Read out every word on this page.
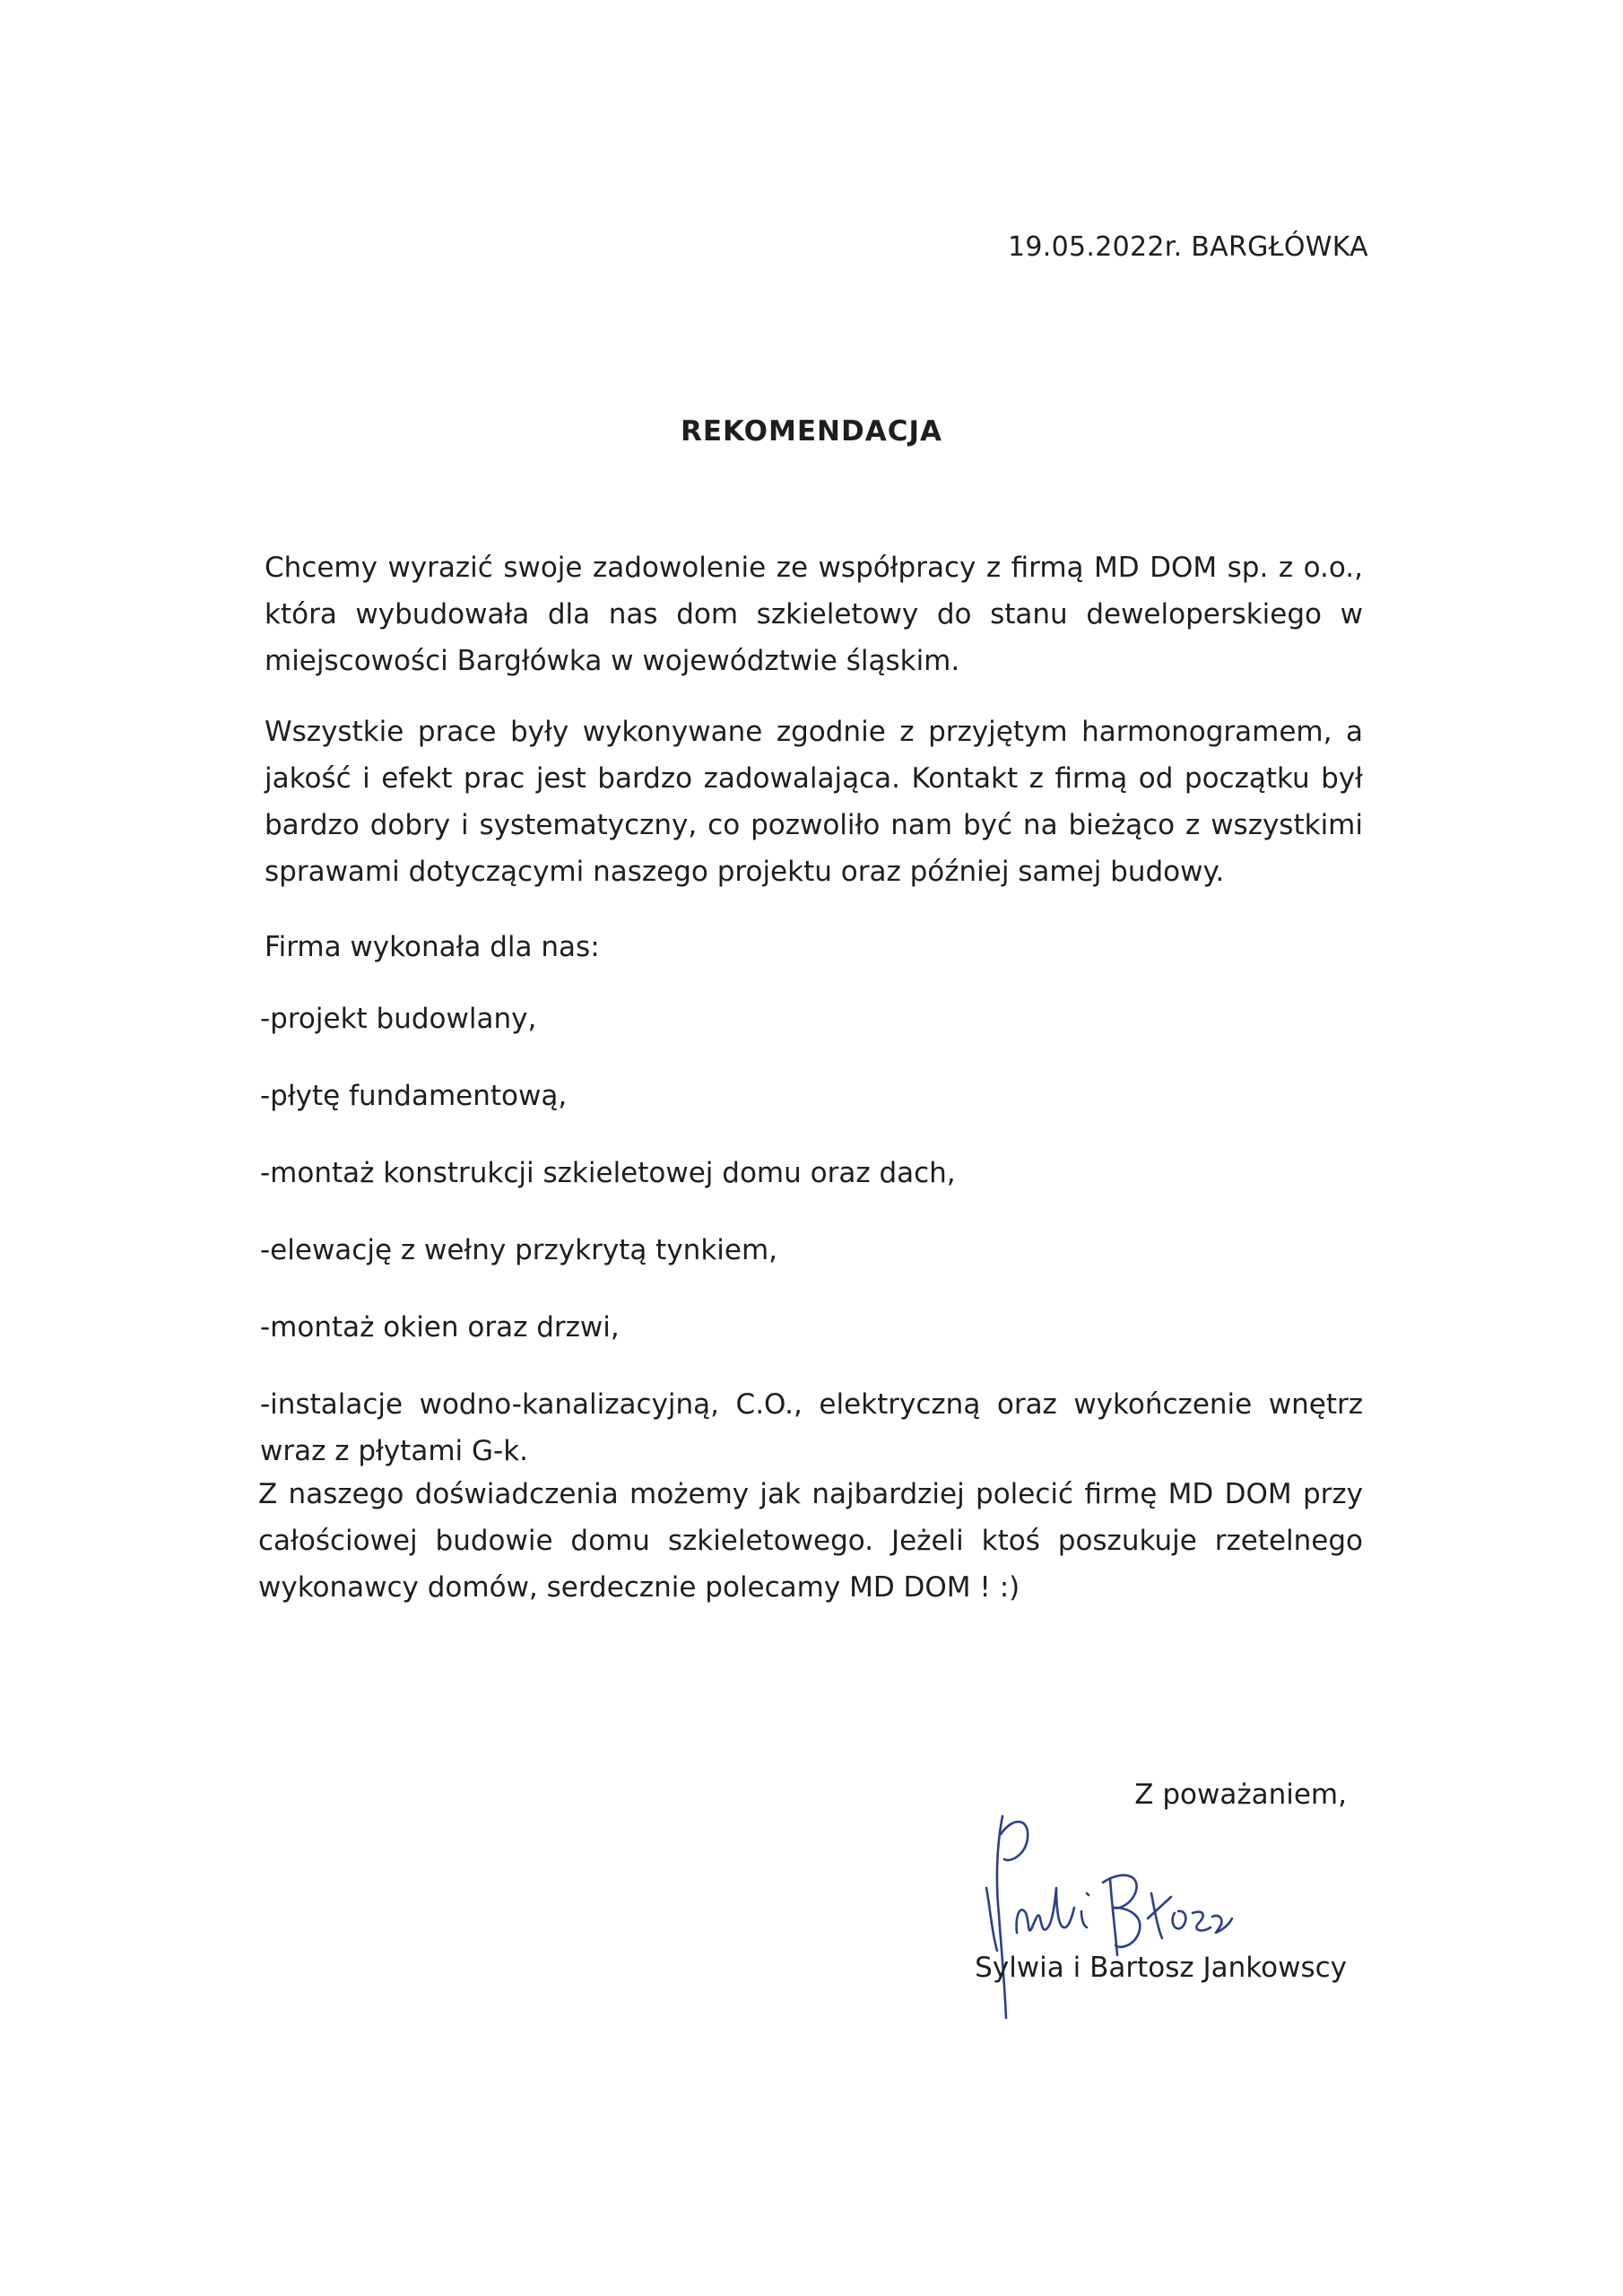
19.05.2022r. BARGŁÓWKA
REKOMENDACJA

Chcemy wyrazić swoje zadowolenie ze współpracy z firmą MD DOM sp. z o.o., która wybudowała dla nas dom szkieletowy do stanu deweloperskiego w miejscowości Bargłówka w województwie śląskim.

Wszystkie prace były wykonywane zgodnie z przyjętym harmonogramem, a jakość i efekt prac jest bardzo zadowalająca. Kontakt z firmą od początku był bardzo dobry i systematyczny, co pozwoliło nam być na bieżąco z wszystkimi sprawami dotyczącymi naszego projektu oraz później samej budowy.

Firma wykonała dla nas:

-projekt budowlany,
-płytę fundamentową,
-montaż konstrukcji szkieletowej domu oraz dach,
-elewację z wełny przykrytą tynkiem,
-montaż okien oraz drzwi,
-instalacje wodno-kanalizacyjną, C.O., elektryczną oraz wykończenie wnętrz wraz z płytami G-k.

Z naszego doświadczenia możemy jak najbardziej polecić firmę MD DOM przy całościowej budowie domu szkieletowego. Jeżeli ktoś poszukuje rzetelnego wykonawcy domów, serdecznie polecamy MD DOM ! :)

Z poważaniem,
Sylwia i Bartosz Jankowscy
